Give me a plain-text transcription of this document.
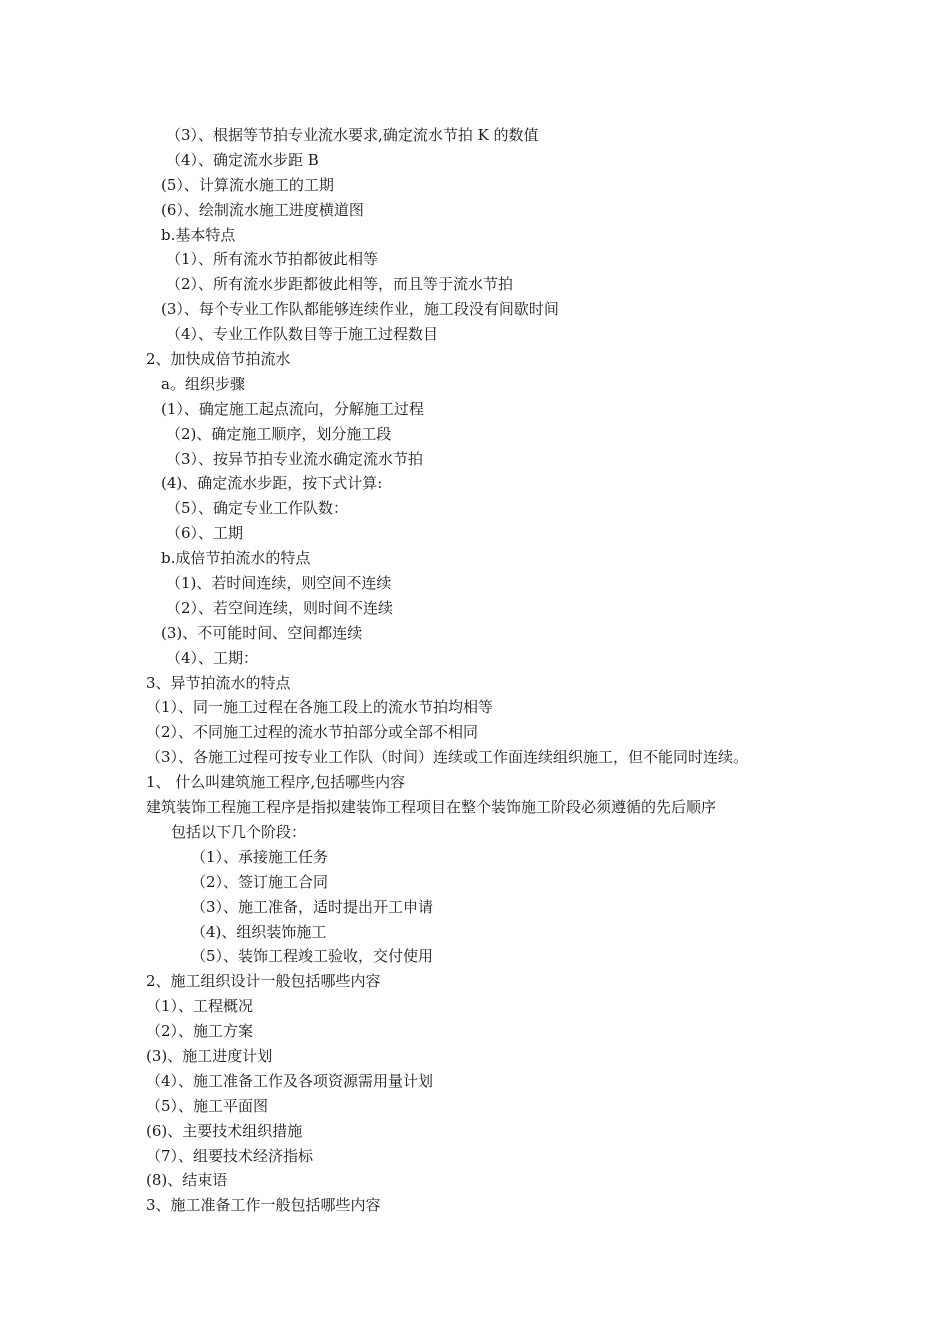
（3）、根据等节拍专业流水要求,确定流水节拍 K 的数值
（4）、确定流水步距 B
(5）、计算流水施工的工期
(6）、绘制流水施工进度横道图
b.基本特点
（1）、所有流水节拍都彼此相等
（2）、所有流水步距都彼此相等，而且等于流水节拍
(3）、每个专业工作队都能够连续作业，施工段没有间歇时间
（4）、专业工作队数目等于施工过程数目
2、加快成倍节拍流水
a。组织步骤
(1）、确定施工起点流向，分解施工过程
（2)、确定施工顺序，划分施工段
（3）、按异节拍专业流水确定流水节拍
(4)、确定流水步距，按下式计算:
（5）、确定专业工作队数：
（6）、工期
b.成倍节拍流水的特点
（1)、若时间连续，则空间不连续
（2）、若空间连续，则时间不连续
(3)、不可能时间、空间都连续
（4）、工期：
3、异节拍流水的特点
（1）、同一施工过程在各施工段上的流水节拍均相等
（2）、不同施工过程的流水节拍部分或全部不相同
（3）、各施工过程可按专业工作队（时间）连续或工作面连续组织施工，但不能同时连续。
1、 什么叫建筑施工程序,包括哪些内容
建筑装饰工程施工程序是指拟建装饰工程项目在整个装饰施工阶段必须遵循的先后顺序
包括以下几个阶段：
（1）、承接施工任务
（2）、签订施工合同
（3）、施工准备，适时提出开工申请
（4)、组织装饰施工
（5）、装饰工程竣工验收，交付使用
2、施工组织设计一般包括哪些内容
（1）、工程概况
（2）、施工方案
(3)、施工进度计划
（4）、施工准备工作及各项资源需用量计划
（5）、施工平面图
(6)、主要技术组织措施
（7）、组要技术经济指标
(8)、结束语
3、施工准备工作一般包括哪些内容
